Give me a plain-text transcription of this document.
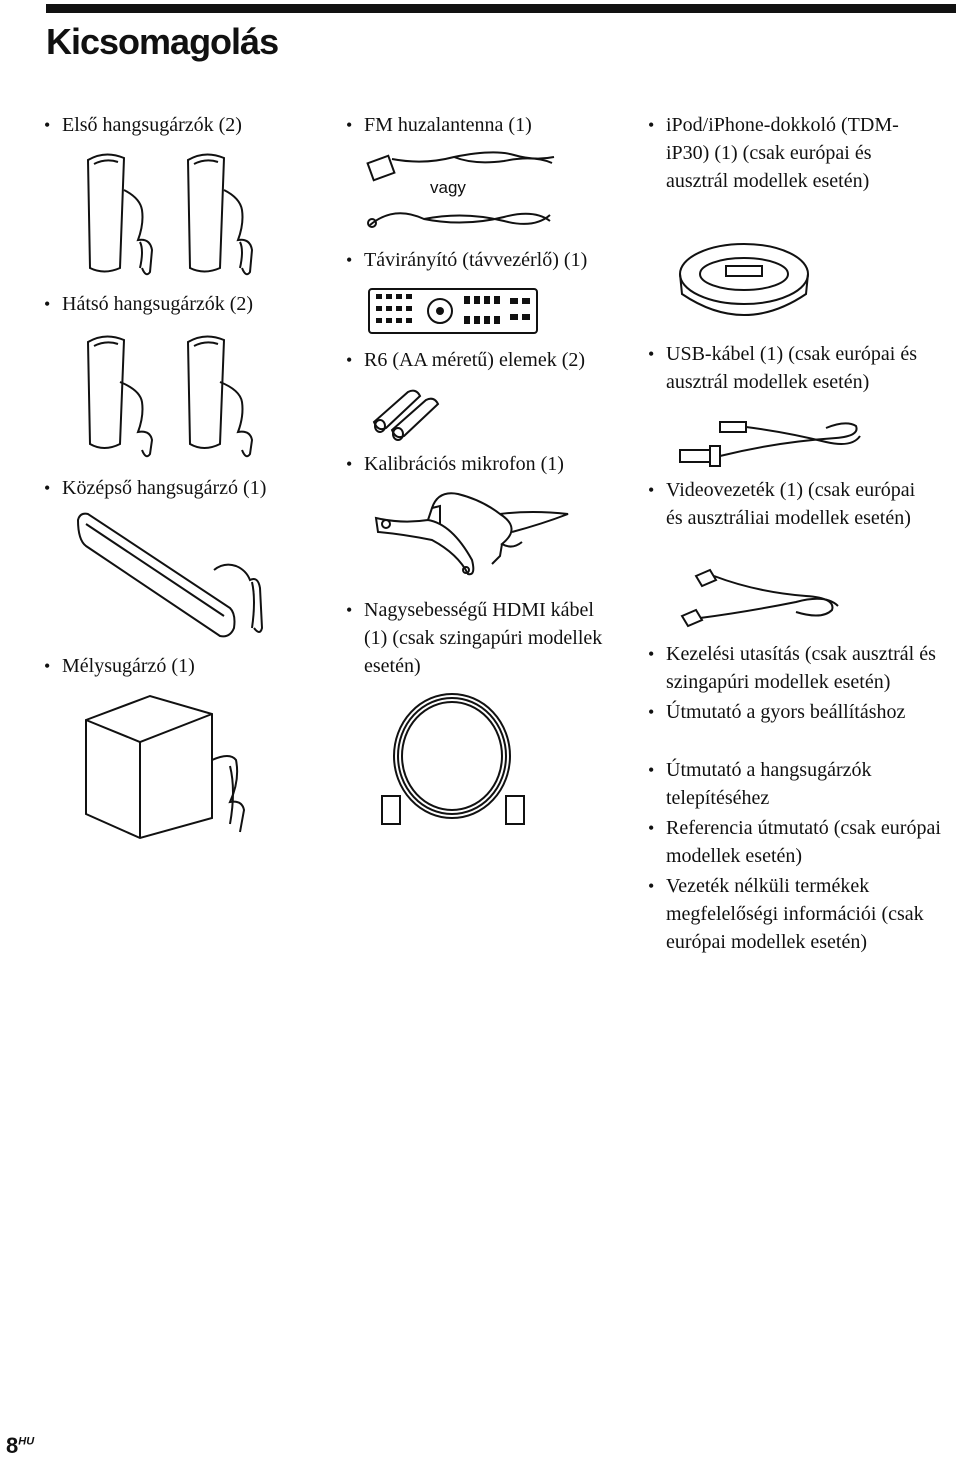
Kicsomagolás
• Első hangsugárzók (2)
• Hátsó hangsugárzók (2)
• Középső hangsugárzó (1)
• Mélysugárzó (1)
• FM huzalantenna (1)
vagy
• Távirányító (távvezérlő) (1)
• R6 (AA méretű) elemek (2)
• Kalibrációs mikrofon (1)
• Nagysebességű HDMI kábel (1) (csak szingapúri modellek esetén)
• iPod/iPhone-dokkoló (TDM-iP30) (1) (csak európai és ausztrál modellek esetén)
• USB-kábel (1) (csak európai és ausztrál modellek esetén)
• Videovezeték (1) (csak európai és ausztráliai modellek esetén)
• Kezelési utasítás (csak ausztrál és szingapúri modellek esetén)
• Útmutató a gyors beállításhoz
• Útmutató a hangsugárzók telepítéséhez
• Referencia útmutató (csak európai modellek esetén)
• Vezeték nélküli termékek megfelelőségi információi (csak európai modellek esetén)
$8^{HU}$
